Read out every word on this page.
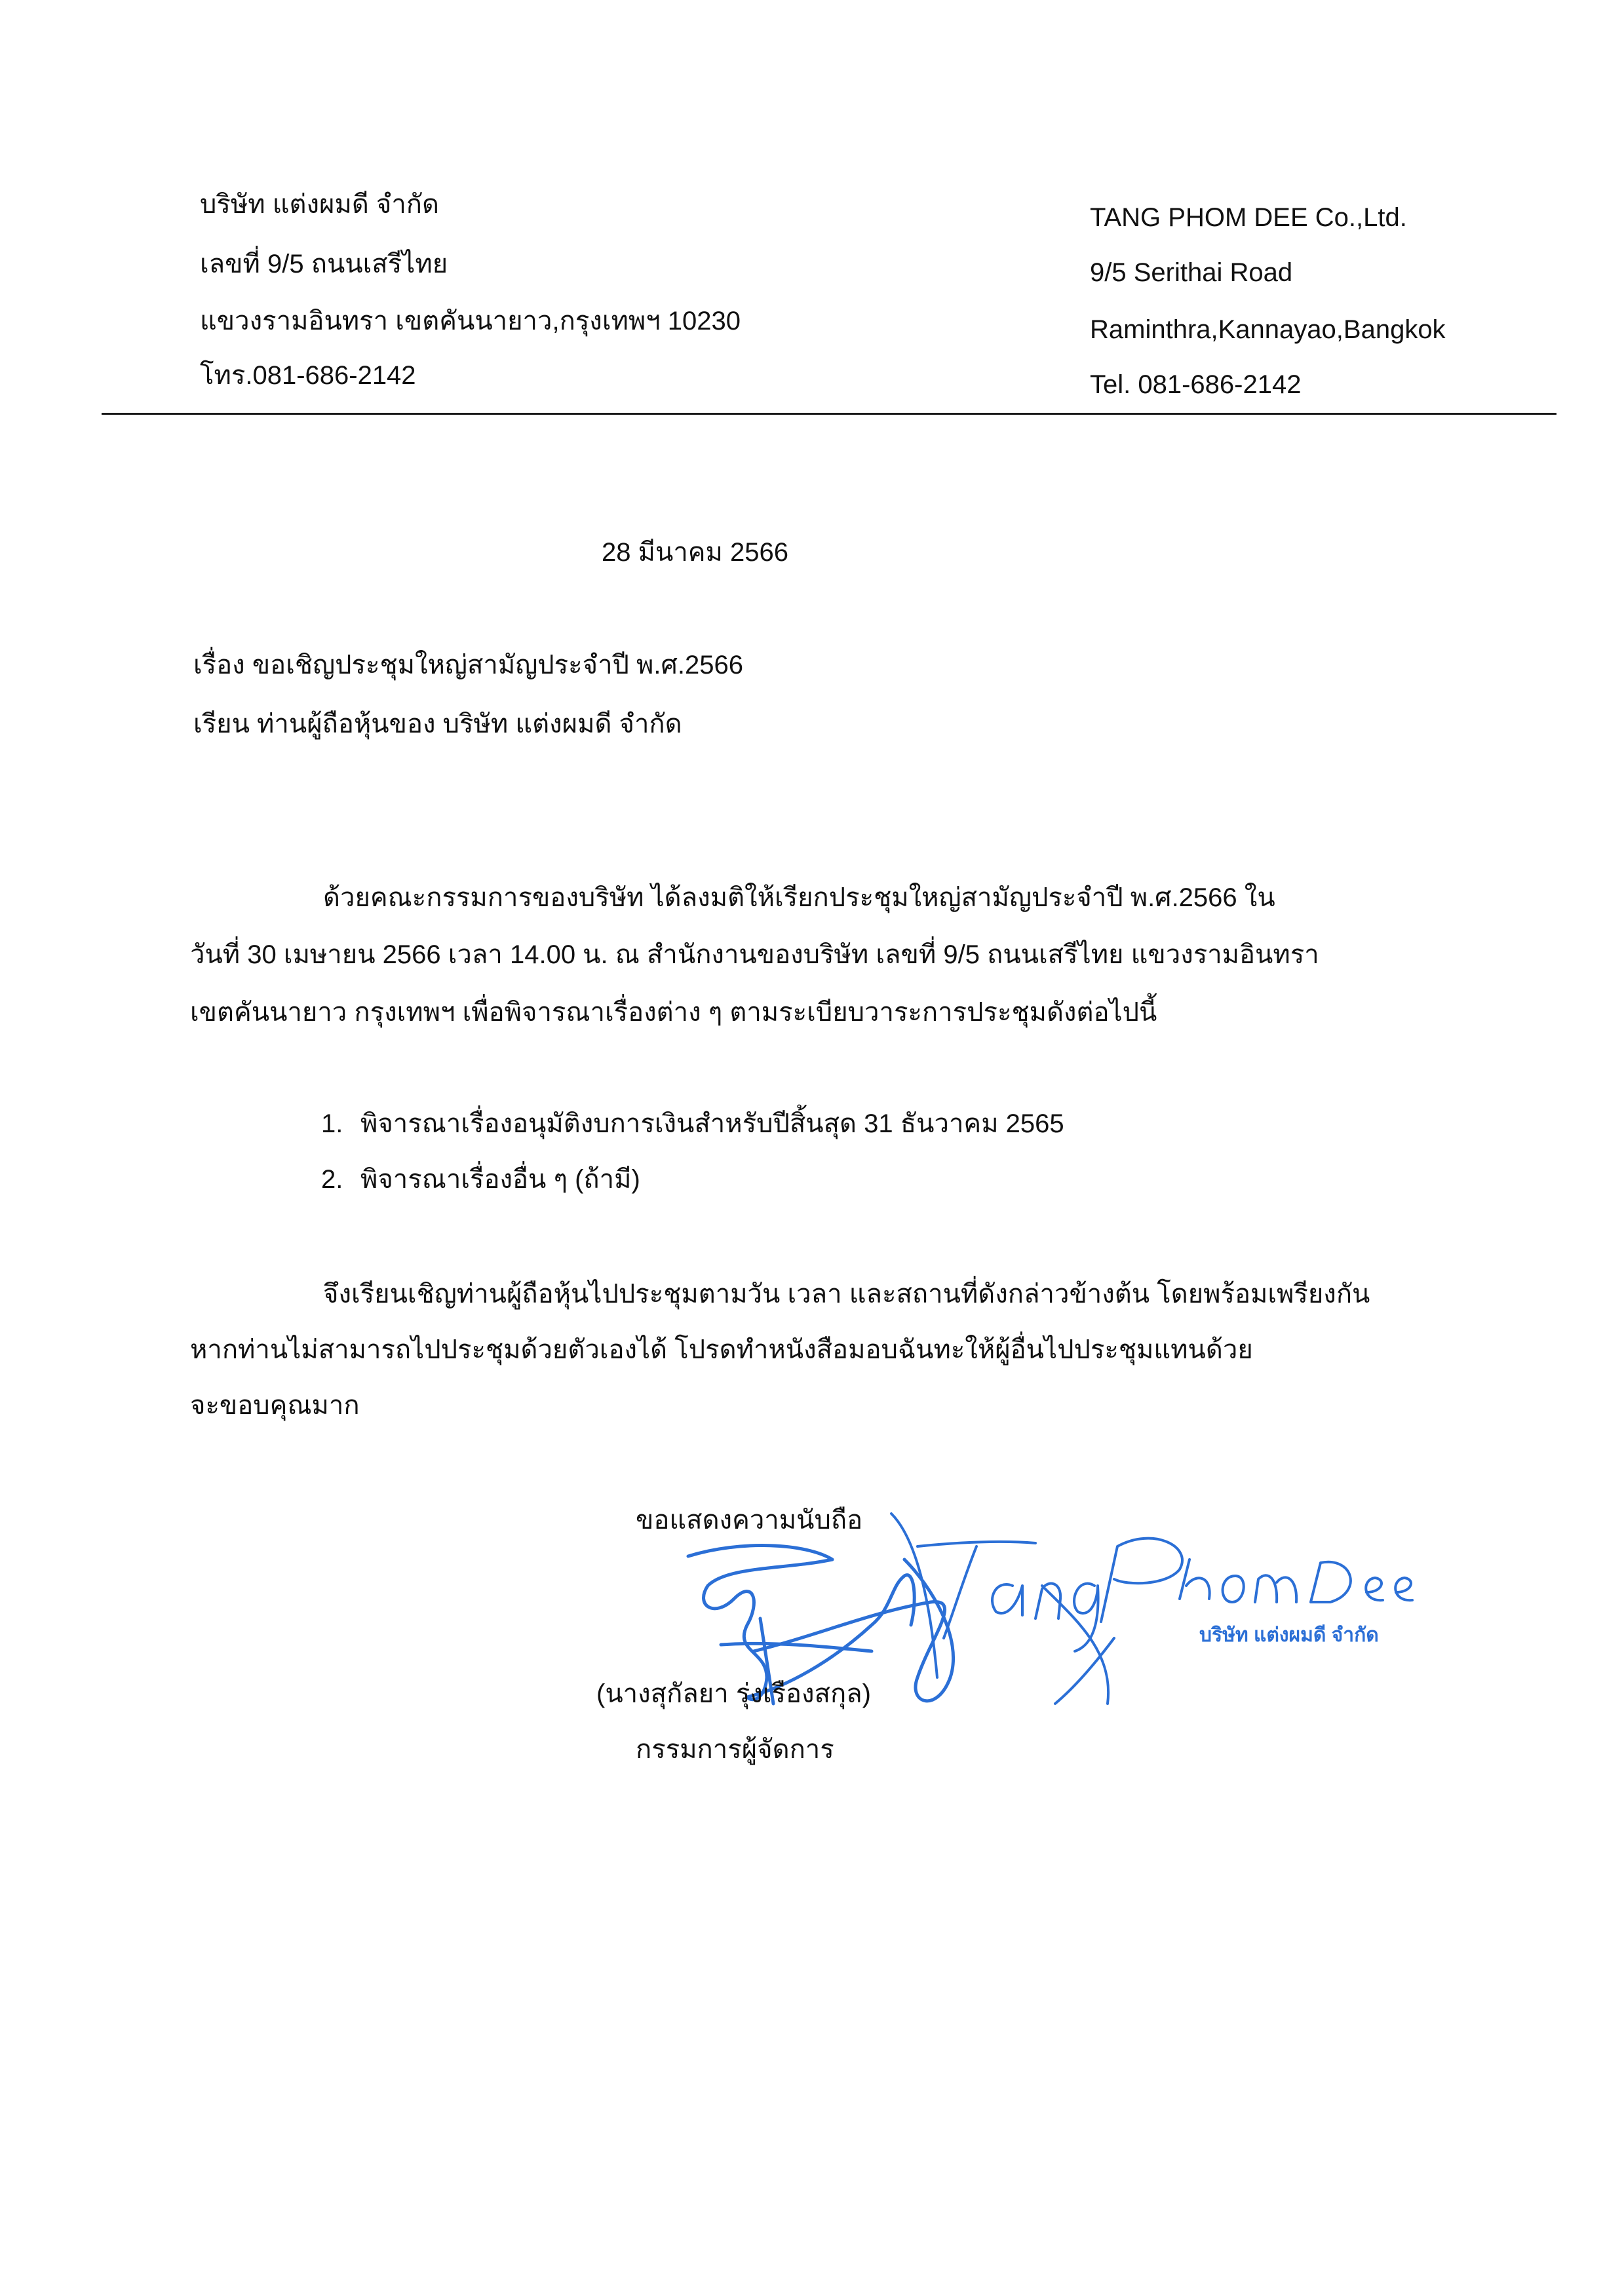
บริษัท แต่งผมดี จำกัด
เลขที่ 9/5 ถนนเสรีไทย
แขวงรามอินทรา เขตคันนายาว,กรุงเทพฯ 10230
โทร.081-686-2142
TANG PHOM DEE Co.,Ltd.
9/5 Serithai Road
Raminthra,Kannayao,Bangkok
Tel. 081-686-2142
28 มีนาคม 2566
เรื่อง ขอเชิญประชุมใหญ่สามัญประจำปี พ.ศ.2566
เรียน ท่านผู้ถือหุ้นของ บริษัท แต่งผมดี จำกัด
ด้วยคณะกรรมการของบริษัท ได้ลงมติให้เรียกประชุมใหญ่สามัญประจำปี พ.ศ.2566 ใน
วันที่ 30 เมษายน 2566 เวลา 14.00 น. ณ สำนักงานของบริษัท เลขที่ 9/5 ถนนเสรีไทย แขวงรามอินทรา
เขตคันนายาว กรุงเทพฯ เพื่อพิจารณาเรื่องต่าง ๆ ตามระเบียบวาระการประชุมดังต่อไปนี้
1. พิจารณาเรื่องอนุมัติงบการเงินสำหรับปีสิ้นสุด 31 ธันวาคม 2565
2. พิจารณาเรื่องอื่น ๆ (ถ้ามี)
จึงเรียนเชิญท่านผู้ถือหุ้นไปประชุมตามวัน เวลา และสถานที่ดังกล่าวข้างต้น โดยพร้อมเพรียงกัน
หากท่านไม่สามารถไปประชุมด้วยตัวเองได้ โปรดทำหนังสือมอบฉันทะให้ผู้อื่นไปประชุมแทนด้วย
จะขอบคุณมาก
ขอแสดงความนับถือ
บริษัท แต่งผมดี จำกัด
(นางสุกัลยา รุ่งเรืองสกุล)
กรรมการผู้จัดการ
